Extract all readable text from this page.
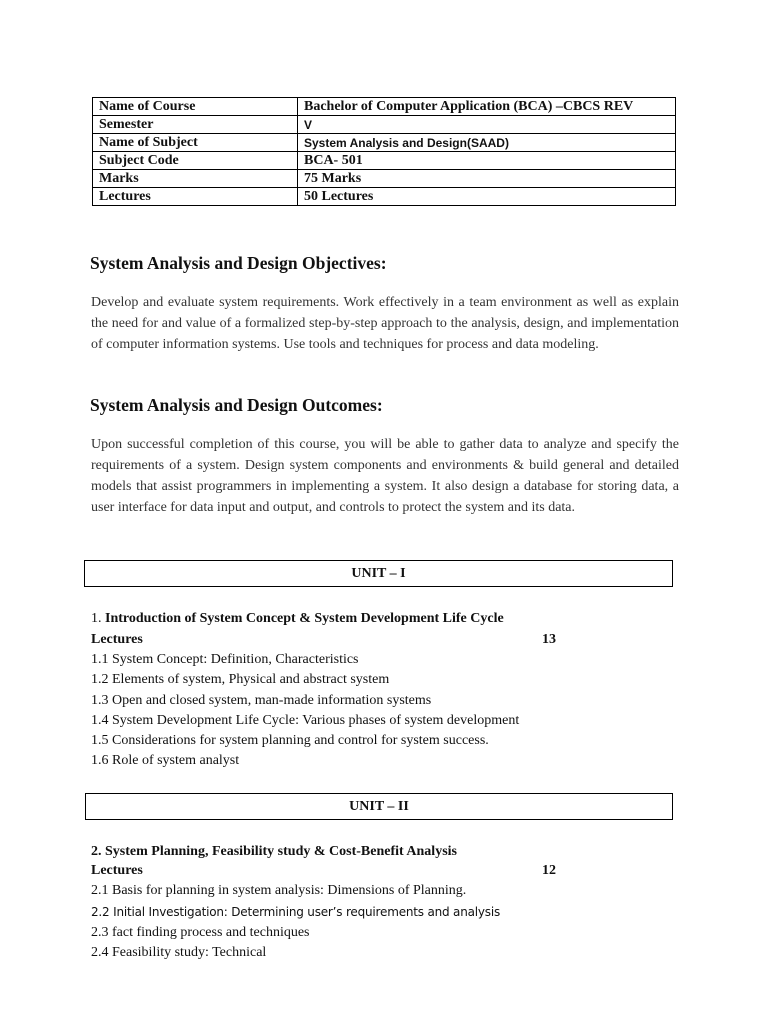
Name of Course	Bachelor of Computer Application (BCA) –CBCS REV
Semester	V
Name of Subject	System Analysis and Design(SAAD)
Subject Code	BCA- 501
Marks	75 Marks
Lectures	50 Lectures
System Analysis and Design Objectives:

Develop and evaluate system requirements. Work effectively in a team environment as well as explain the need for and value of a formalized step-by-step approach to the analysis, design, and implementation of computer information systems. Use tools and techniques for process and data modeling.

System Analysis and Design Outcomes:

Upon successful completion of this course, you will be able to gather data to analyze and specify the requirements of a system. Design system components and environments & build general and detailed models that assist programmers in implementing a system. It also design a database for storing data, a user interface for data input and output, and controls to protect the system and its data.

UNIT – I
1. Introduction of System Concept & System Development Life Cycle
Lectures	13
1.1 System Concept: Definition, Characteristics
1.2 Elements of system, Physical and abstract system
1.3 Open and closed system, man-made information systems
1.4 System Development Life Cycle: Various phases of system development
1.5 Considerations for system planning and control for system success.
1.6 Role of system analyst
UNIT – II
2. System Planning, Feasibility study & Cost-Benefit Analysis
Lectures	12
2.1 Basis for planning in system analysis: Dimensions of Planning.
2.2 Initial Investigation: Determining user’s requirements and analysis
2.3 fact finding process and techniques
2.4 Feasibility study: Technical
